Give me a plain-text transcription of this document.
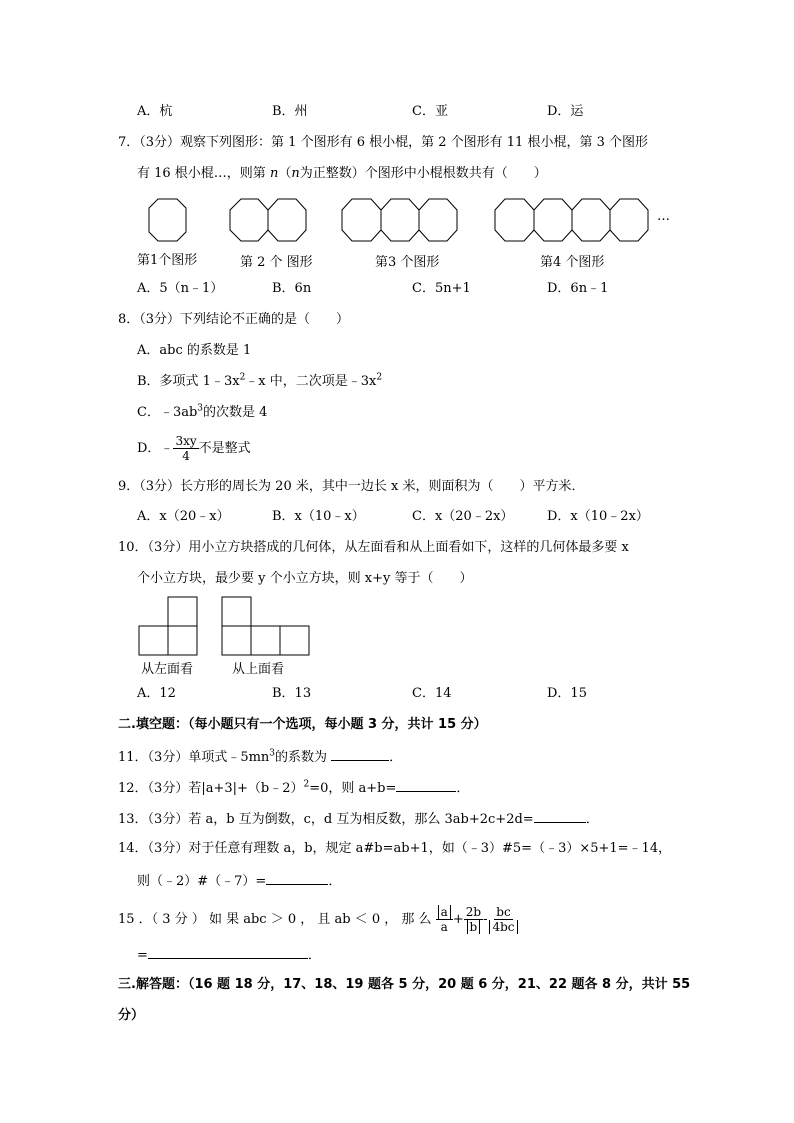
A．杭	B．州	C．亚	D．运
7．（3分）观察下列图形：第 1 个图形有 6 根小棍，第 2 个图形有 11 根小棍，第 3 个图形
有 16 根小棍…，则第 n（n为正整数）个图形中小棍根数共有（　　）
…
第1个图形	第 2 个 图形	第3 个图形	第4 个图形
A．5（n﹣1）	B．6n	C．5n+1	D．6n﹣1
8．（3分）下列结论不正确的是（　　）
A．abc 的系数是 1
B．多项式 $1﹣3x^2﹣x$ 中，二次项是$﹣3x^2$
C．$﹣3ab^3$的次数是 4
D．﹣ $\frac{3xy}{4}$ 不是整式
9．（3分）长方形的周长为 20 米，其中一边长 x 米，则面积为（　　）平方米．
A．x（20﹣x）	B．x（10﹣x）	C．x（20﹣2x）	D．x（10﹣2x）
10．（3分）用小立方块搭成的几何体，从左面看和从上面看如下，这样的几何体最多要 x
个小立方块，最少要 y 个小立方块，则 x+y 等于（　　）
从左面看	从上面看
A．12	B．13	C．14	D．15
二.填空题：（每小题只有一个选项，每小题 3 分，共计 15 分）
11．（3分）单项式$﹣5mn^3$的系数为	．
12．（3分）若|a+3|+（b﹣2）$^2$=0，则 a+b=	．
13．（3分）若 a，b 互为倒数，c，d 互为相反数，那么 3ab+2c+2d=	．
14．（3分）对于任意有理数 a，b，规定 a#b=ab+1，如（﹣3）#5=（﹣3）×5+1=﹣14，
则（﹣2）#（﹣7）=	．
15 ．（ 3 分 ） 如 果 abc ＞ 0 ， 且 ab ＜ 0 ， 那 么 $\frac{a}{a} + \frac{2b}{b} - \frac{bc}{4bc}$
=	．
三.解答题：（16 题 18 分，17、18、19 题各 5 分，20 题 6 分，21、22 题各 8 分，共计 55
分）
